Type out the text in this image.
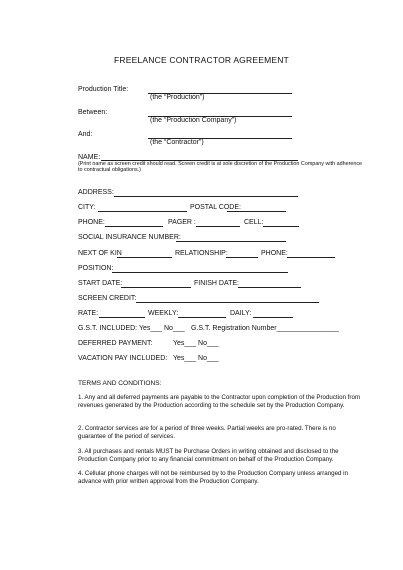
FREELANCE CONTRACTOR AGREEMENT
Production Title:
(the “Production”)
Between:
(the “Production Company”)
And:
(the “Contractor”)
NAME:
(Print name as screen credit should read. Screen credit is at sole discretion of the Production Company with adherence to contractual obligations.)
ADDRESS:
CITY:	POSTAL CODE:
PHONE:	PAGER :	CELL:
SOCIAL INSURANCE NUMBER:
NEXT OF KIN	RELATIONSHIP:	PHONE:
POSITION:
START DATE:	FINISH DATE:
SCREEN CREDIT:
RATE:	WEEKLY:	DAILY:
G.S.T. INCLUDED: Yes___ No___ G.S.T. Registration Number________________
DEFERRED PAYMENT:	Yes___ No___
VACATION PAY INCLUDED: Yes___ No___
TERMS AND CONDITIONS:
1. Any and all deferred payments are payable to the Contractor upon completion of the Production from revenues generated by the Production according to the schedule set by the Production Company.
2. Contractor services are for a period of three weeks. Partial weeks are pro-rated. There is no guarantee of the period of services.
3. All purchases and rentals MUST be Purchase Orders in writing obtained and disclosed to the Production Company prior to any financial commitment on behalf of the Production Company.
4. Cellular phone charges will not be reimbursed by to the Production Company unless arranged in advance with prior written approval from the Production Company.
